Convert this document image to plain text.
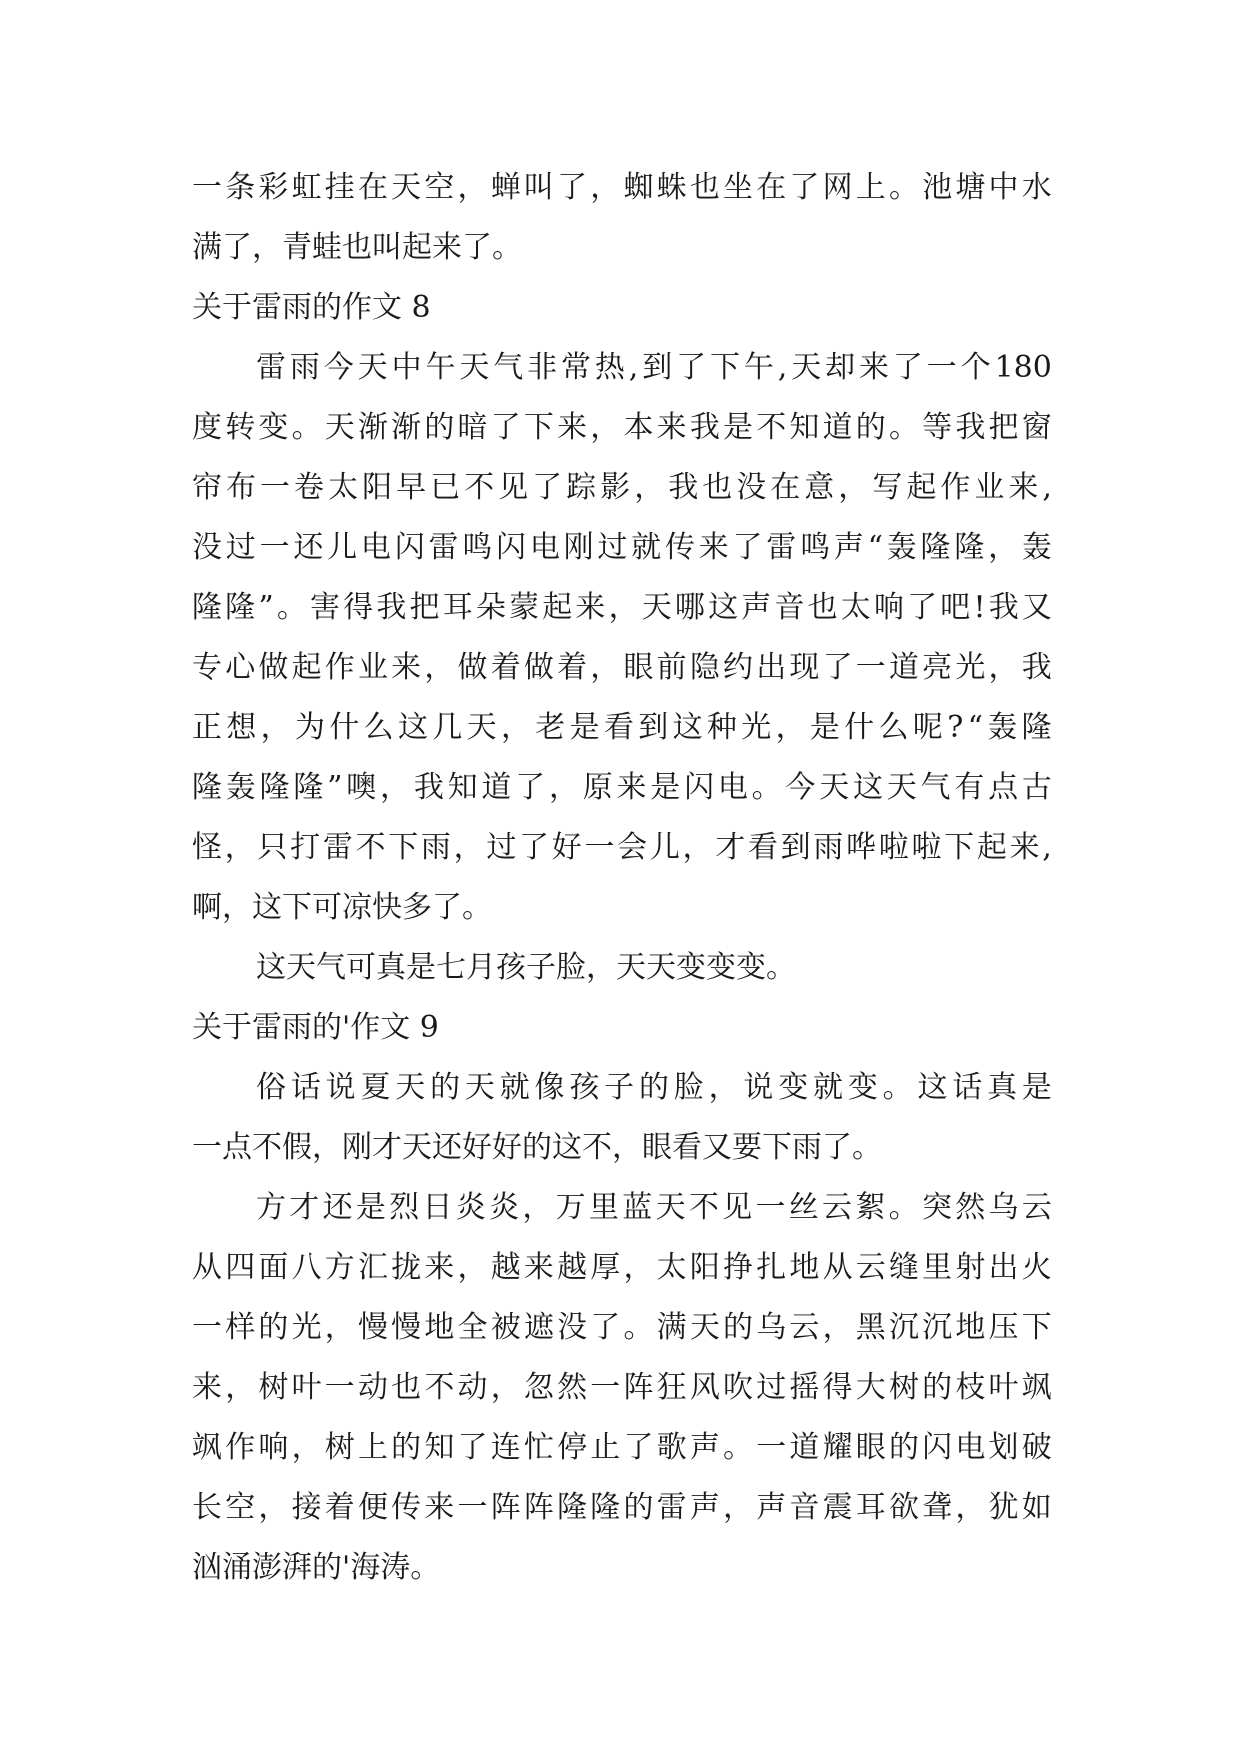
一 条 彩 虹 挂 在 天 空 ， 蝉 叫 了 ， 蜘 蛛 也 坐 在 了 网 上 。 池 塘 中 水
满了，青蛙也叫起来了。
关于雷雨的作文 8
雷 雨 今 天 中 午 天 气 非 常 热 , 到 了 下 午 , 天 却 来 了 一 个 180
度 转 变 。 天 渐 渐 的 暗 了 下 来 ， 本 来 我 是 不 知 道 的 。 等 我 把 窗
帘 布 一 卷 太 阳 早 已 不 见 了 踪 影 ， 我 也 没 在 意 ， 写 起 作 业 来 ,
没 过 一 还 儿 电 闪 雷 鸣 闪 电 刚 过 就 传 来 了 雷 鸣 声 “ 轰 隆 隆 ， 轰
隆 隆 ” 。 害 得 我 把 耳 朵 蒙 起 来 ， 天 哪 这 声 音 也 太 响 了 吧 ! 我 又
专 心 做 起 作 业 来 ， 做 着 做 着 ， 眼 前 隐 约 出 现 了 一 道 亮 光 ， 我
正 想 ， 为 什 么 这 几 天 ， 老 是 看 到 这 种 光 ， 是 什 么 呢 ? “ 轰 隆
隆 轰 隆 隆 ” 噢 ， 我 知 道 了 ， 原 来 是 闪 电 。 今 天 这 天 气 有 点 古
怪 ， 只 打 雷 不 下 雨 ， 过 了 好 一 会 儿 ， 才 看 到 雨 哗 啦 啦 下 起 来 ,
啊，这下可凉快多了。
这天气可真是七月孩子脸，天天变变变。
关于雷雨的'作文 9
俗 话 说 夏 天 的 天 就 像 孩 子 的 脸 ， 说 变 就 变 。 这 话 真 是
一点不假，刚才天还好好的这不，眼看又要下雨了。
方 才 还 是 烈 日 炎 炎 ， 万 里 蓝 天 不 见 一 丝 云 絮 。 突 然 乌 云
从 四 面 八 方 汇 拢 来 ， 越 来 越 厚 ， 太 阳 挣 扎 地 从 云 缝 里 射 出 火
一 样 的 光 ， 慢 慢 地 全 被 遮 没 了 。 满 天 的 乌 云 ， 黑 沉 沉 地 压 下
来 ， 树 叶 一 动 也 不 动 ， 忽 然 一 阵 狂 风 吹 过 摇 得 大 树 的 枝 叶 飒
飒 作 响 ， 树 上 的 知 了 连 忙 停 止 了 歌 声 。 一 道 耀 眼 的 闪 电 划 破
长 空 ， 接 着 便 传 来 一 阵 阵 隆 隆 的 雷 声 ， 声 音 震 耳 欲 聋 ， 犹 如
汹涌澎湃的'海涛。
